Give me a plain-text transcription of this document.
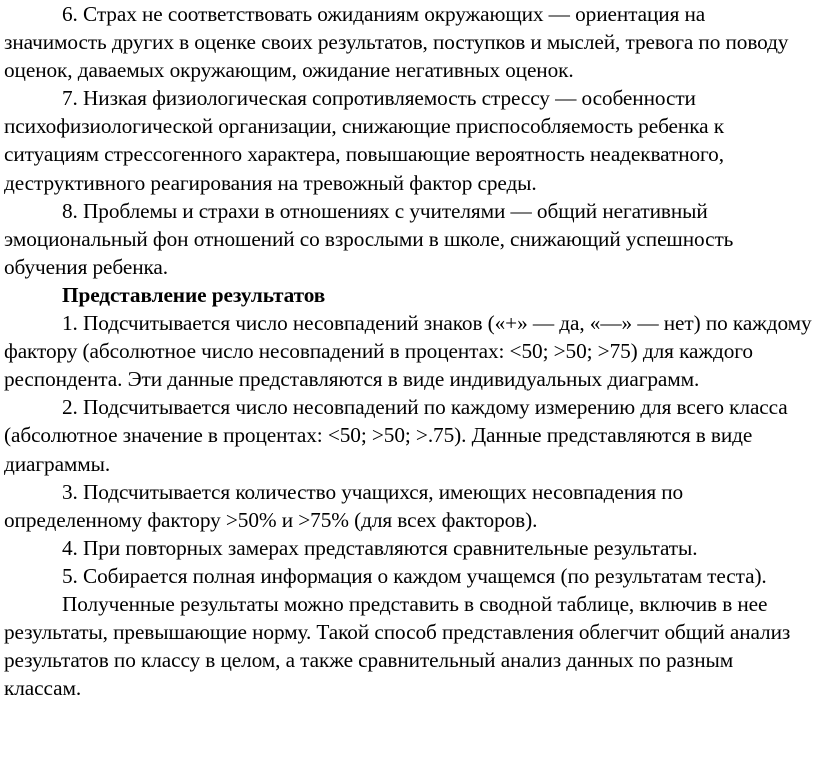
6. Страх не соответствовать ожиданиям окружающих — ориентация на значимость других в оценке своих результатов, поступков и мыслей, тревога по поводу оценок, даваемых окружающим, ожидание негативных оценок.

7. Низкая физиологическая сопротивляемость стрессу — особенности психофизиологической организации, снижающие приспособляемость ребенка к ситуациям стрессогенного характера, повышающие вероятность неадекватного, деструктивного реагирования на тревожный фактор среды.

8. Проблемы и страхи в отношениях с учителями — общий негативный эмоциональный фон отношений со взрослыми в школе, снижающий успешность обучения ребенка.

Представление результатов

1. Подсчитывается число несовпадений знаков («+» — да, «—» — нет) по каждому фактору (абсолютное число несовпадений в процентах: <50; >50; >75) для каждого респондента. Эти данные представляются в виде индивидуальных диаграмм.

2. Подсчитывается число несовпадений по каждому измерению для всего класса (абсолютное значение в процентах: <50; >50; >.75). Данные представляются в виде диаграммы.

3. Подсчитывается количество учащихся, имеющих несовпадения по определенному фактору >50% и >75% (для всех факторов).

4. При повторных замерах представляются сравнительные результаты.

5. Собирается полная информация о каждом учащемся (по результатам теста).

Полученные результаты можно представить в сводной таблице, включив в нее результаты, превышающие норму. Такой способ представления облегчит общий анализ результатов по классу в целом, а также сравнительный анализ данных по разным классам.
